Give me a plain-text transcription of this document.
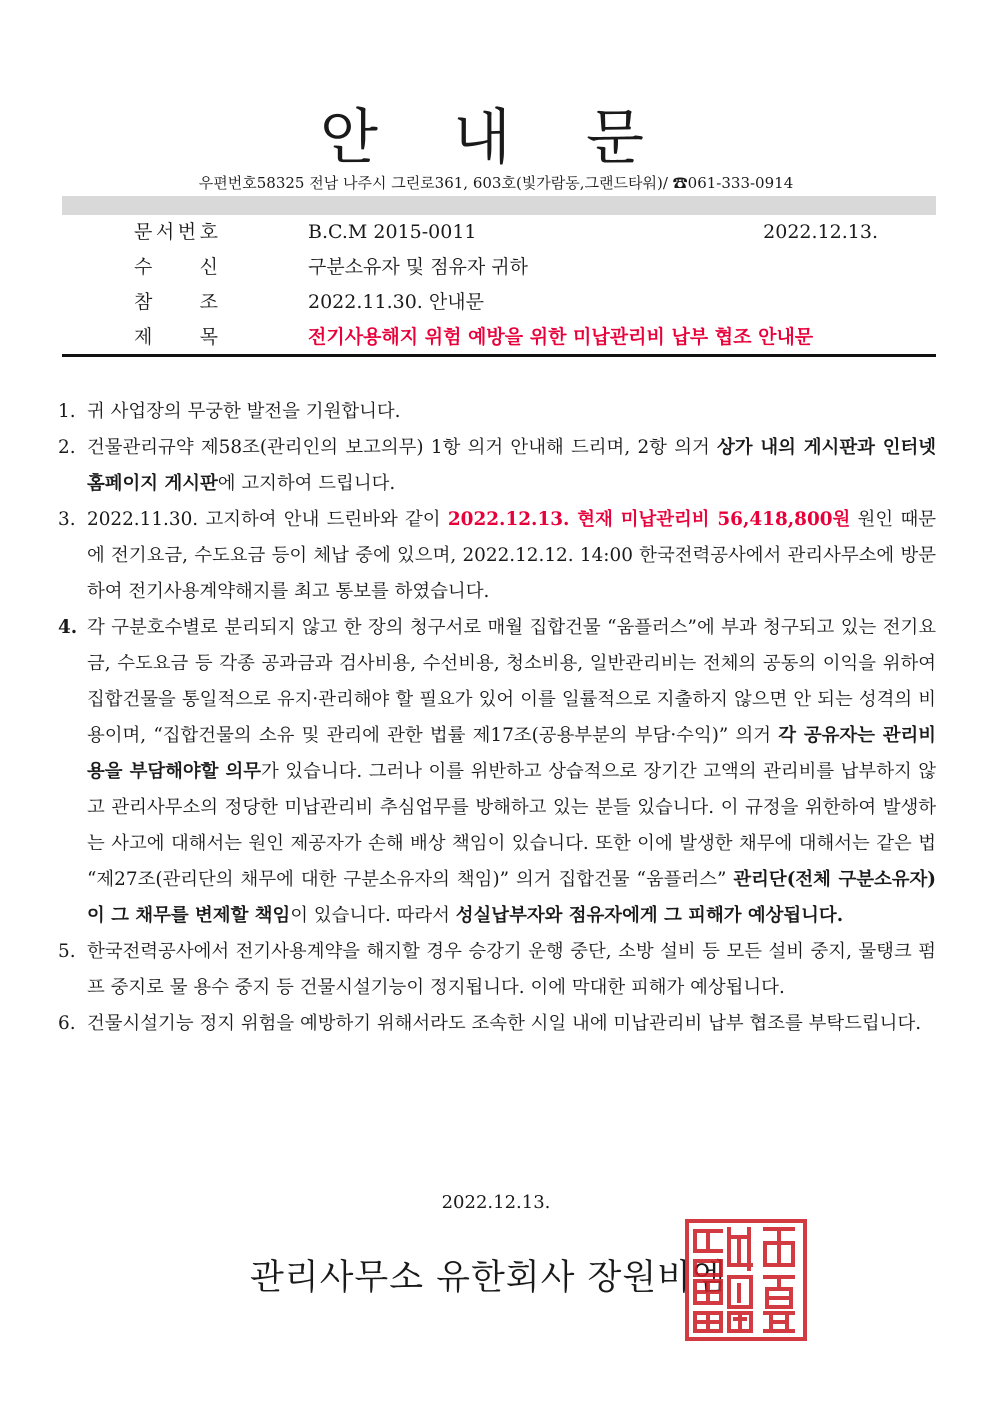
안 내 문
우편번호58325 전남 나주시 그린로361, 603호(빛가람동,그랜드타워)/ ☎061-333-0914
문 서 번 호	B.C.M 2015-0011	2022.12.13.
수 신	구분소유자 및 점유자 귀하
참 조	2022.11.30. 안내문
제 목	전기사용해지 위험 예방을 위한 미납관리비 납부 협조 안내문
1. 귀 사업장의 무궁한 발전을 기원합니다.
2. 건물관리규약 제58조(관리인의 보고의무) 1항 의거 안내해 드리며, 2항 의거 상가 내의 게시판과 인터넷 홈페이지 게시판에 고지하여 드립니다.
3. 2022.11.30. 고지하여 안내 드린바와 같이 2022.12.13. 현재 미납관리비 56,418,800원 원인 때문에 전기요금, 수도요금 등이 체납 중에 있으며, 2022.12.12. 14:00 한국전력공사에서 관리사무소에 방문하여 전기사용계약해지를 최고 통보를 하였습니다.
4. 각 구분호수별로 분리되지 않고 한 장의 청구서로 매월 집합건물 “움플러스”에 부과 청구되고 있는 전기요금, 수도요금 등 각종 공과금과 검사비용, 수선비용, 청소비용, 일반관리비는 전체의 공동의 이익을 위하여 집합건물을 통일적으로 유지·관리해야 할 필요가 있어 이를 일률적으로 지출하지 않으면 안 되는 성격의 비용이며, “집합건물의 소유 및 관리에 관한 법률 제17조(공용부분의 부담·수익)” 의거 각 공유자는 관리비용을 부담해야할 의무가 있습니다. 그러나 이를 위반하고 상습적으로 장기간 고액의 관리비를 납부하지 않고 관리사무소의 정당한 미납관리비 추심업무를 방해하고 있는 분들 있습니다. 이 규정을 위한하여 발생하는 사고에 대해서는 원인 제공자가 손해 배상 책임이 있습니다. 또한 이에 발생한 채무에 대해서는 같은 법 “제27조(관리단의 채무에 대한 구분소유자의 책임)” 의거 집합건물 “움플러스” 관리단(전체 구분소유자)이 그 채무를 변제할 책임이 있습니다. 따라서 성실납부자와 점유자에게 그 피해가 예상됩니다.
5. 한국전력공사에서 전기사용계약을 해지할 경우 승강기 운행 중단, 소방 설비 등 모든 설비 중지, 물탱크 펌프 중지로 물 용수 중지 등 건물시설기능이 정지됩니다. 이에 막대한 피해가 예상됩니다.
6. 건물시설기능 정지 위험을 예방하기 위해서라도 조속한 시일 내에 미납관리비 납부 협조를 부탁드립니다.
2022.12.13.
관리사무소 유한회사 장원비엠
